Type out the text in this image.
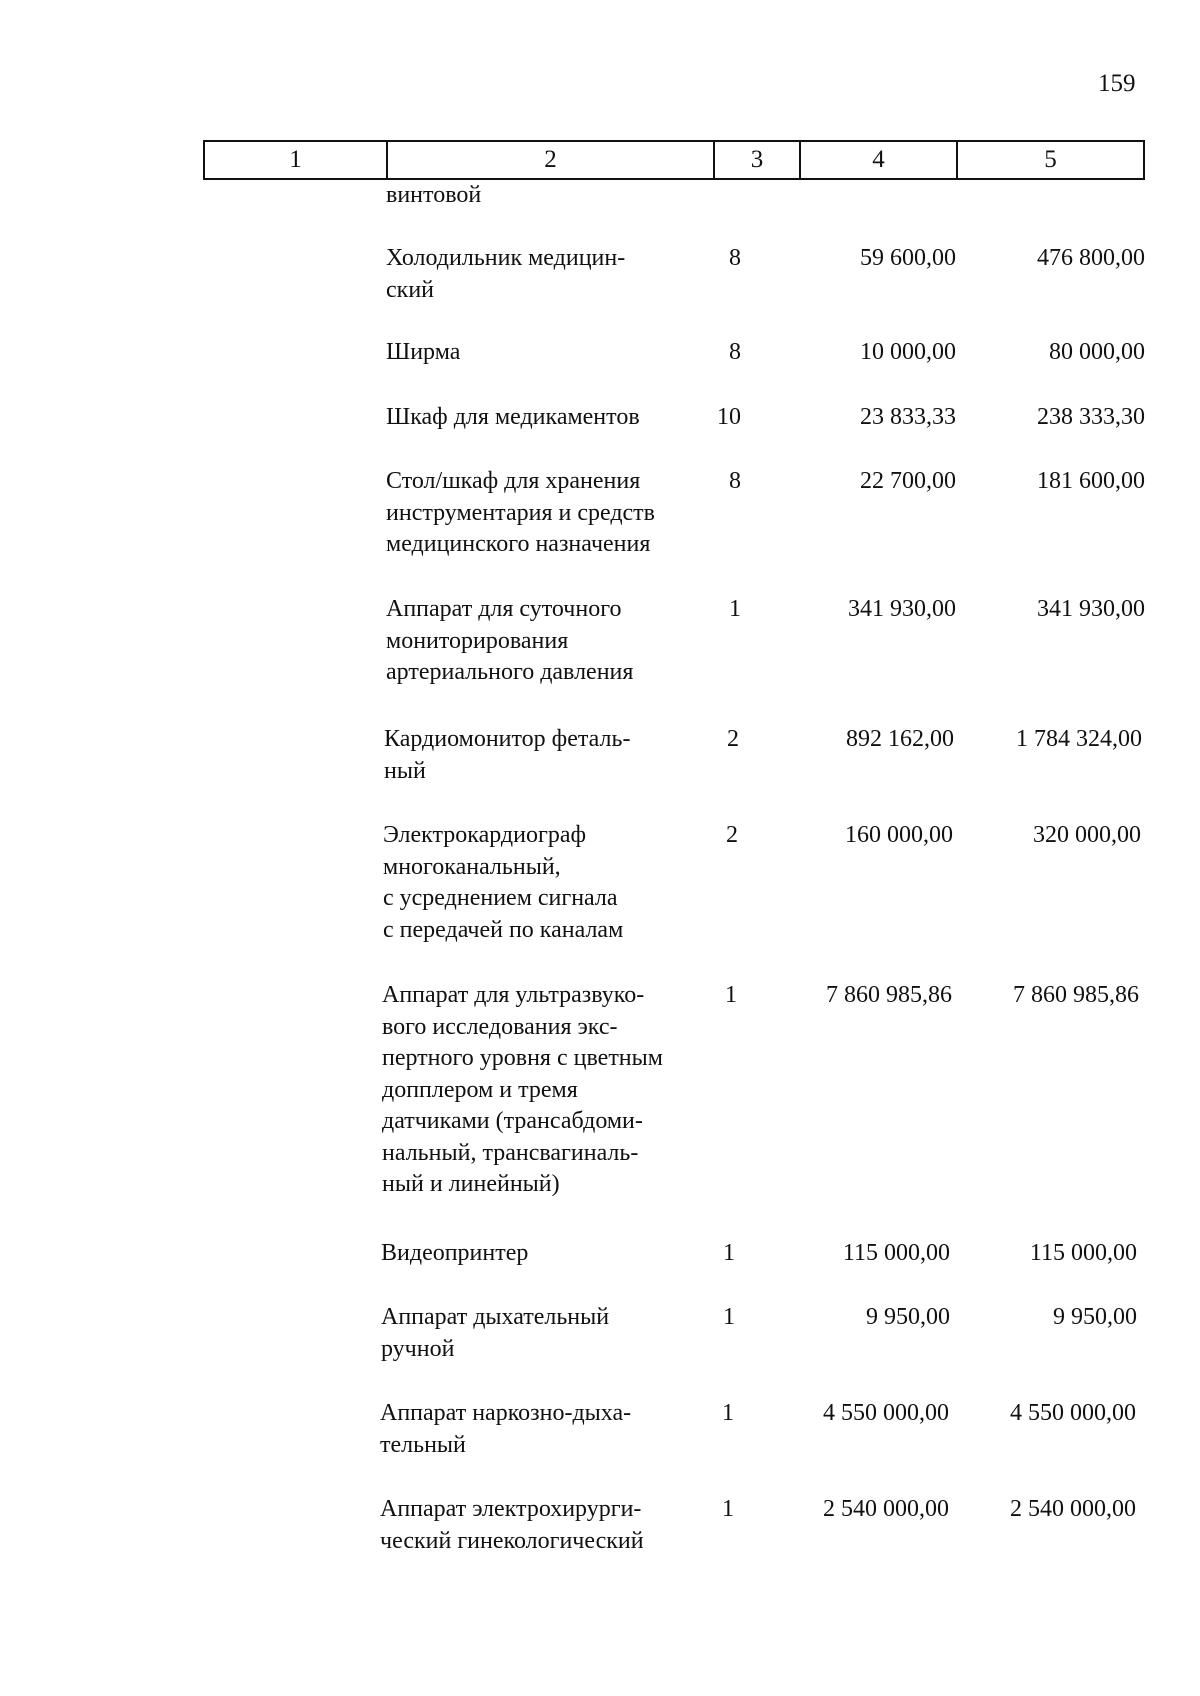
159
1	2	3	4	5
винтовой
Холодильник медицин-
ский
8	59 600,00	476 800,00
Ширма	8	10 000,00	80 000,00
Шкаф для медикаментов	10	23 833,33	238 333,30
Стол/шкаф для хранения
инструментария и средств
медицинского назначения
8	22 700,00	181 600,00
Аппарат для суточного
мониторирования
артериального давления
1	341 930,00	341 930,00
Кардиомонитор феталь-
ный
2	892 162,00	1 784 324,00
Электрокардиограф
многоканальный,
с усреднением сигнала
с передачей по каналам
2	160 000,00	320 000,00
Аппарат для ультразвуко-
вого исследования экс-
пертного уровня с цветным
допплером и тремя
датчиками (трансабдоми-
нальный, трансвагиналь-
ный и линейный)
1	7 860 985,86	7 860 985,86
Видеопринтер	1	115 000,00	115 000,00
Аппарат дыхательный
ручной
1	9 950,00	9 950,00
Аппарат наркозно-дыха-
тельный
1	4 550 000,00	4 550 000,00
Аппарат электрохирурги-
ческий гинекологический
1	2 540 000,00	2 540 000,00
